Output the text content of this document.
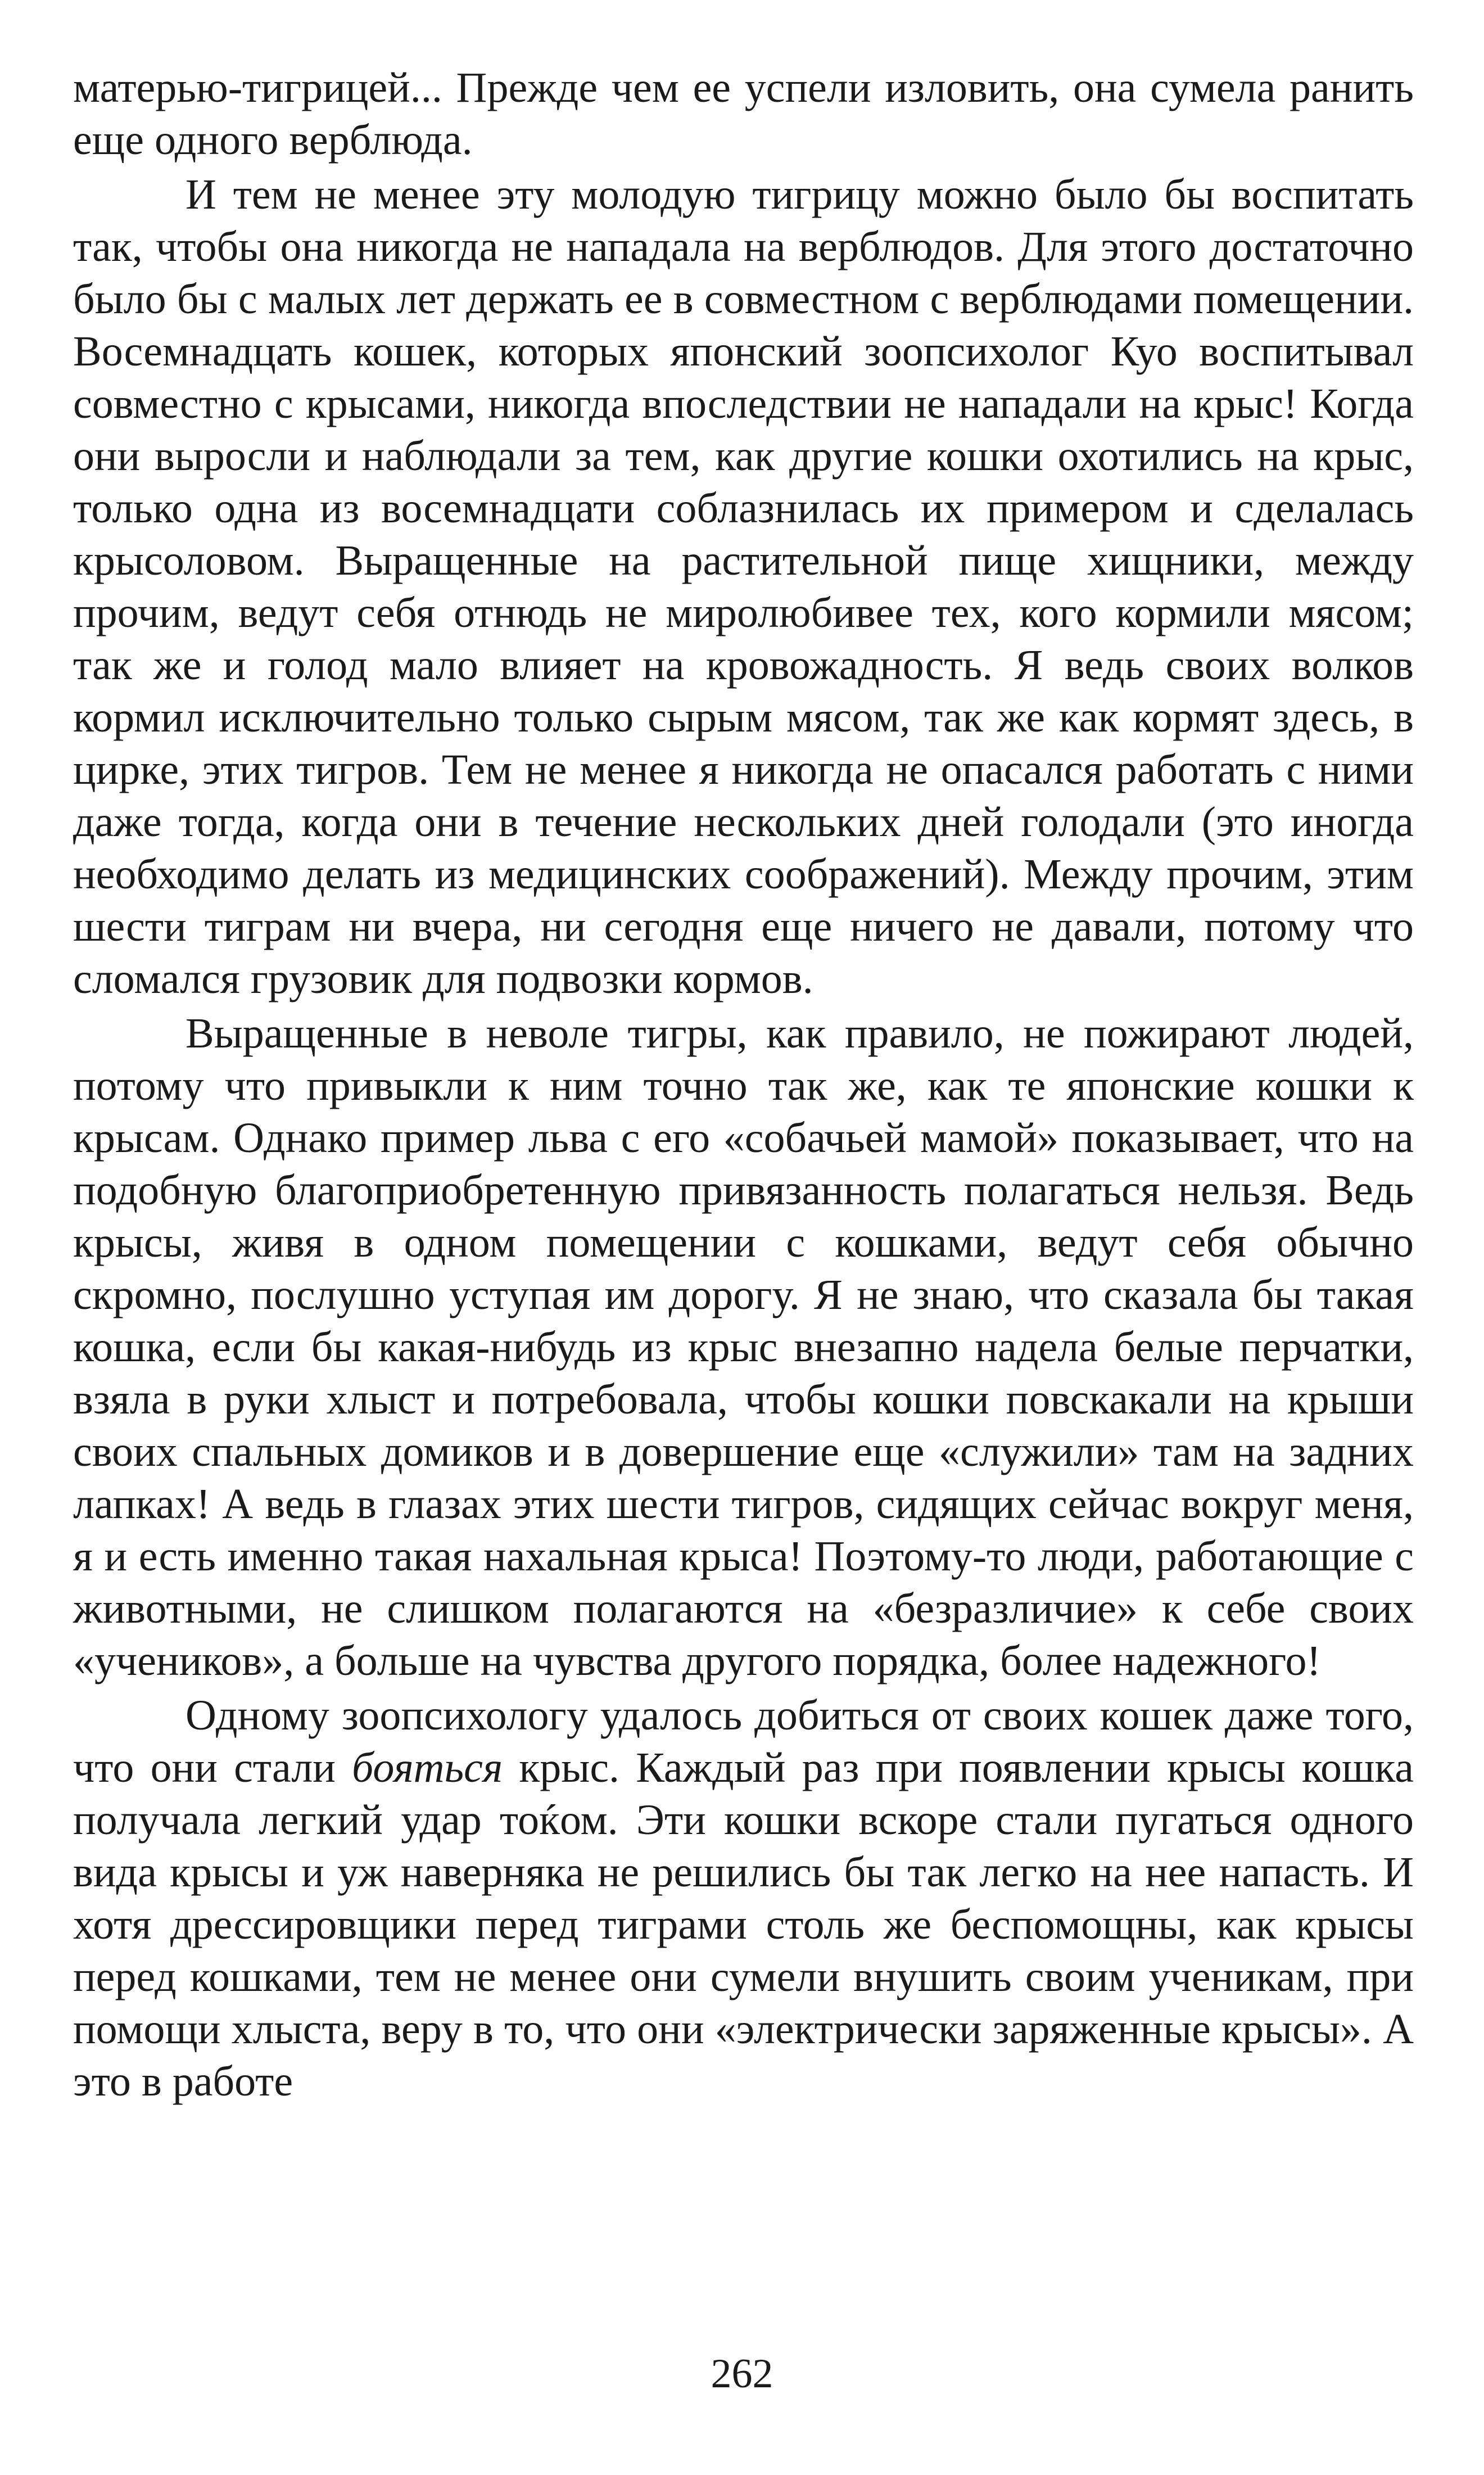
матерью-тигрицей... Прежде чем ее успели изловить, она сумела ранить еще одного верблюда.

И тем не менее эту молодую тигрицу можно было бы воспитать так, чтобы она никогда не нападала на верблюдов. Для этого достаточно было бы с малых лет держать ее в совместном с верблюдами помещении. Восемнадцать кошек, которых японский зоопсихолог Куо воспитывал совместно с крысами, никогда впоследствии не нападали на крыс! Когда они выросли и наблюдали за тем, как другие кошки охотились на крыс, только одна из восемнадцати соблазнилась их примером и сделалась крысоловом. Выращенные на растительной пище хищники, между прочим, ведут себя отнюдь не миролюбивее тех, кого кормили мясом; так же и голод мало влияет на кровожадность. Я ведь своих волков кормил исключительно только сырым мясом, так же как кормят здесь, в цирке, этих тигров. Тем не менее я никогда не опасался работать с ними даже тогда, когда они в течение нескольких дней голодали (это иногда необходимо делать из медицинских соображений). Между прочим, этим шести тиграм ни вчера, ни сегодня еще ничего не давали, потому что сломался грузовик для подвозки кормов.

Выращенные в неволе тигры, как правило, не пожирают людей, потому что привыкли к ним точно так же, как те японские кошки к крысам. Однако пример льва с его «собачьей мамой» показывает, что на подобную благоприобретенную привязанность полагаться нельзя. Ведь крысы, живя в одном помещении с кошками, ведут себя обычно скромно, послушно уступая им дорогу. Я не знаю, что сказала бы такая кошка, если бы какая-нибудь из крыс внезапно надела белые перчатки, взяла в руки хлыст и потребовала, чтобы кошки повскакали на крыши своих спальных домиков и в довершение еще «служили» там на задних лапках! А ведь в глазах этих шести тигров, сидящих сейчас вокруг меня, я и есть именно такая нахальная крыса! Поэтому-то люди, работающие с животными, не слишком полагаются на «безразличие» к себе своих «учеников», а больше на чувства другого порядка, более надежного!

Одному зоопсихологу удалось добиться от своих кошек даже того, что они стали бояться крыс. Каждый раз при появлении крысы кошка получала легкий удар тоќом. Эти кошки вскоре стали пугаться одного вида крысы и уж наверняка не решились бы так легко на нее напасть. И хотя дрессировщики перед тиграми столь же беспомощны, как крысы перед кошками, тем не менее они сумели внушить своим ученикам, при помощи хлыста, веру в то, что они «электрически заряженные крысы». А это в работе

262
